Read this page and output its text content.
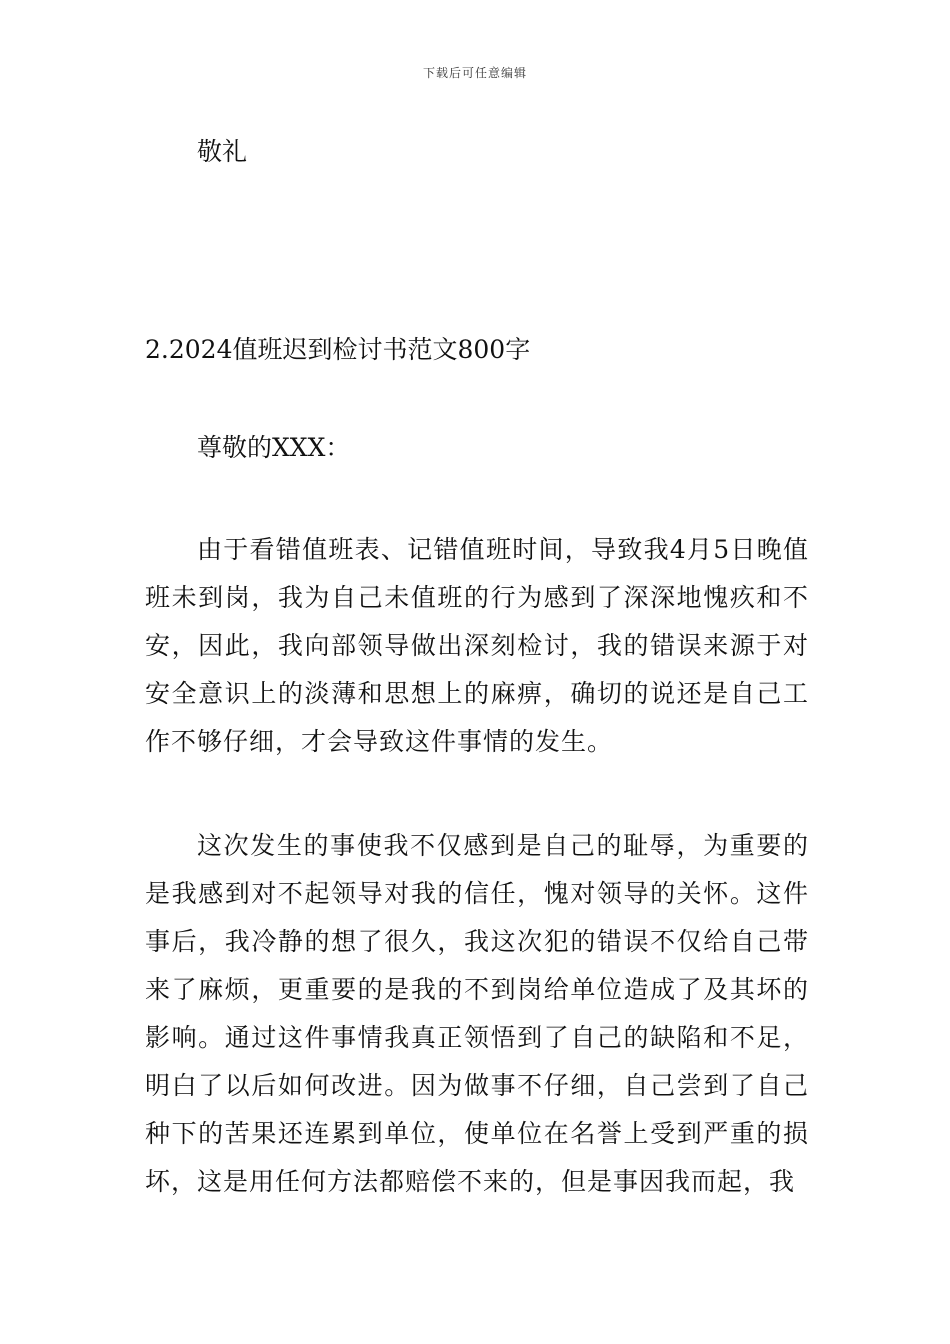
下载后可任意编辑
敬礼
2.2024值班迟到检讨书范文800字
尊敬的XXX：

由于看错值班表、记错值班时间，导致我4月5日晚值班未到岗，我为自己未值班的行为感到了深深地愧疚和不安，因此，我向部领导做出深刻检讨，我的错误来源于对安全意识上的淡薄和思想上的麻痹，确切的说还是自己工作不够仔细，才会导致这件事情的发生。

这次发生的事使我不仅感到是自己的耻辱，为重要的是我感到对不起领导对我的信任，愧对领导的关怀。这件事后，我冷静的想了很久，我这次犯的错误不仅给自己带来了麻烦，更重要的是我的不到岗给单位造成了及其坏的影响。通过这件事情我真正领悟到了自己的缺陷和不足，明白了以后如何改进。因为做事不仔细，自己尝到了自己种下的苦果还连累到单位，使单位在名誉上受到严重的损坏，这是用任何方法都赔偿不来的，但是事因我而起，我
